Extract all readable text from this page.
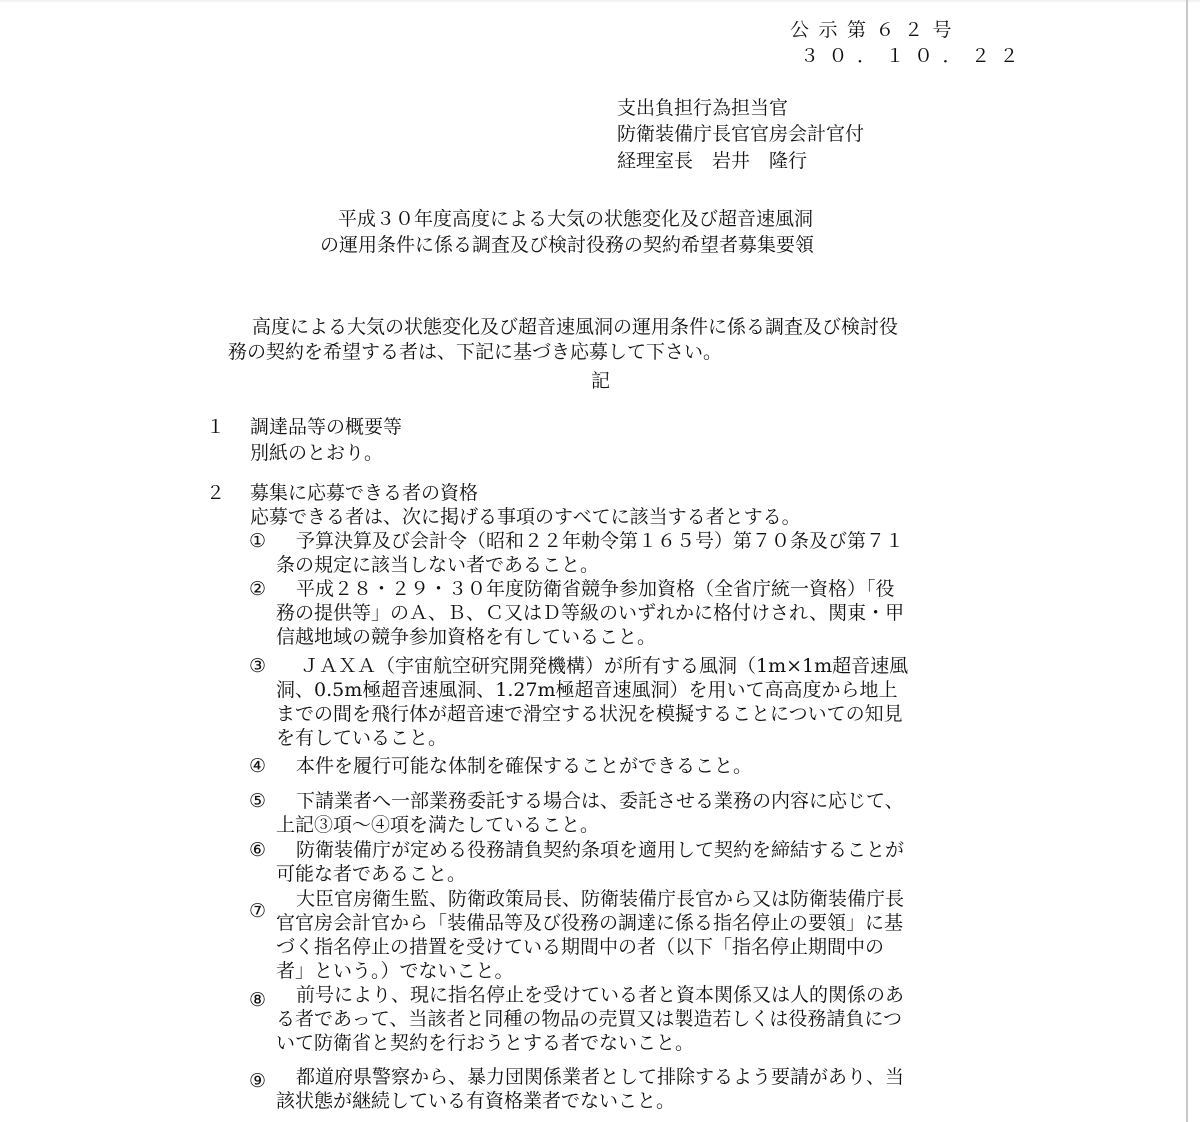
公示第６２号
３０．１０．２２
支出負担行為担当官
防衛装備庁長官官房会計官付
経理室長　岩井　隆行
平成３０年度高度による大気の状態変化及び超音速風洞
の運用条件に係る調査及び検討役務の契約希望者募集要領
高度による大気の状態変化及び超音速風洞の運用条件に係る調査及び検討役
務の契約を希望する者は、下記に基づき応募して下さい。
記
１ 調達品等の概要等
別紙のとおり。
２ 募集に応募できる者の資格
応募できる者は、次に掲げる事項のすべてに該当する者とする。
① 予算決算及び会計令（昭和２２年勅令第１６５号）第７０条及び第７１
条の規定に該当しない者であること。
② 平成２８・２９・３０年度防衛省競争参加資格（全省庁統一資格）「役
務の提供等」のＡ、Ｂ、Ｃ又はＤ等級のいずれかに格付けされ、関東・甲
信越地域の競争参加資格を有していること。
③ ＪＡＸＡ（宇宙航空研究開発機構）が所有する風洞（1m×1m超音速風
洞、0.5m極超音速風洞、1.27m極超音速風洞）を用いて高高度から地上
までの間を飛行体が超音速で滑空する状況を模擬することについての知見
を有していること。
④ 本件を履行可能な体制を確保することができること。
⑤ 下請業者へ一部業務委託する場合は、委託させる業務の内容に応じて、
上記③項～④項を満たしていること。
⑥ 防衛装備庁が定める役務請負契約条項を適用して契約を締結することが
可能な者であること。
⑦
大臣官房衛生監、防衛政策局長、防衛装備庁長官から又は防衛装備庁長
官官房会計官から「装備品等及び役務の調達に係る指名停止の要領」に基
づく指名停止の措置を受けている期間中の者（以下「指名停止期間中の
者」という。）でないこと。
⑧ 前号により、現に指名停止を受けている者と資本関係又は人的関係のあ
る者であって、当該者と同種の物品の売買又は製造若しくは役務請負につ
いて防衛省と契約を行おうとする者でないこと。
⑨ 都道府県警察から、暴力団関係業者として排除するよう要請があり、当
該状態が継続している有資格業者でないこと。
